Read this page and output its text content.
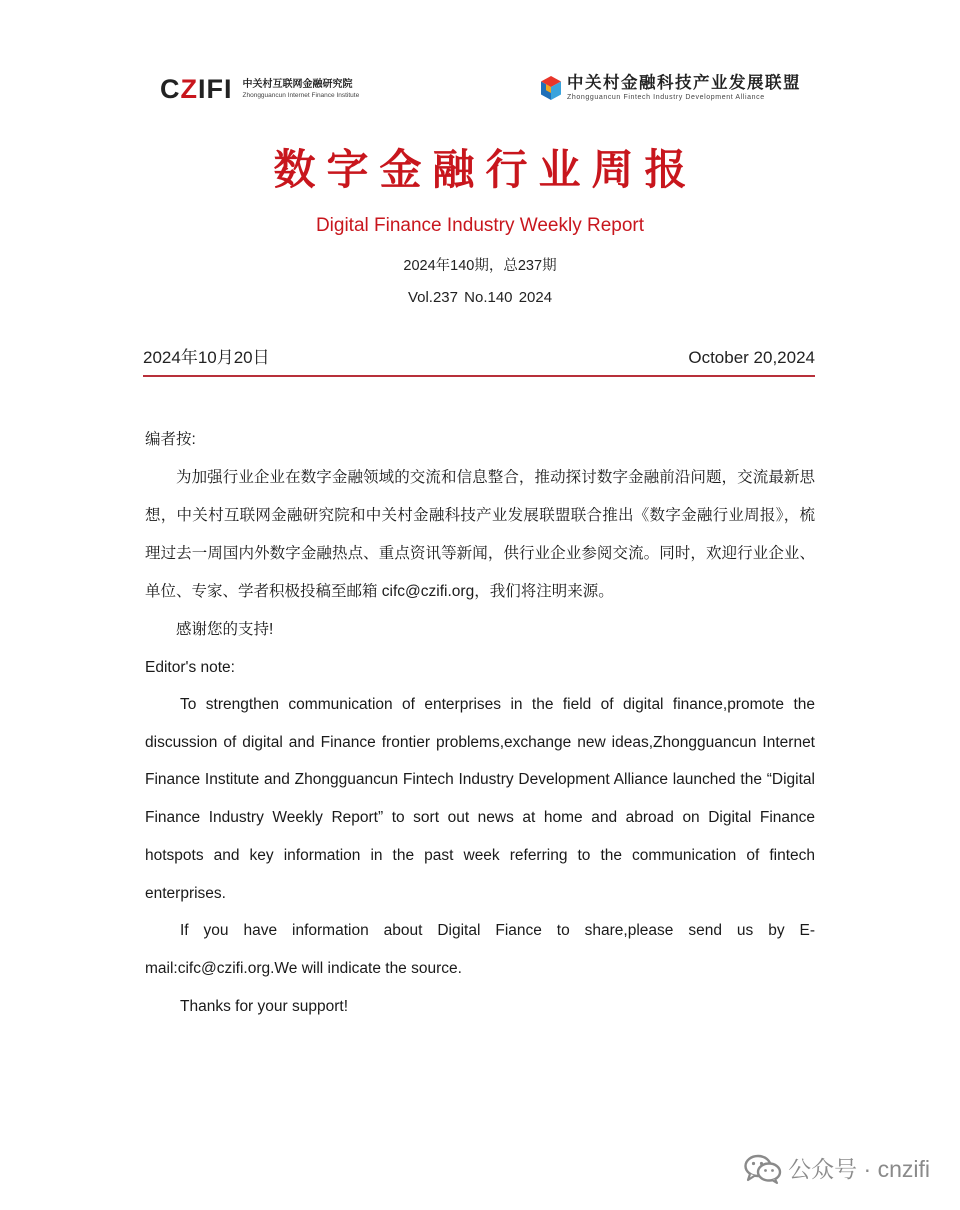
CZIFI 中关村互联网金融研究院
Zhongguancun Internet Finance Institute
中关村金融科技产业发展联盟
Zhongguancun Fintech Industry Development Alliance
数字金融行业周报
Digital Finance Industry Weekly Report
2024年140期，总237期
Vol.237 No.140 2024
2024年10月20日	October 20,2024
编者按:
为加强行业企业在数字金融领域的交流和信息整合，推动探讨数字金融前沿问题，交流最新思想，中关村互联网金融研究院和中关村金融科技产业发展联盟联合推出《数字金融行业周报》，梳理过去一周国内外数字金融热点、重点资讯等新闻，供行业企业参阅交流。同时，欢迎行业企业、单位、专家、学者积极投稿至邮箱 cifc@czifi.org，我们将注明来源。
感谢您的支持!
Editor's note:
To strengthen communication of enterprises in the field of digital finance,promote the discussion of digital and Finance frontier problems,exchange new ideas,Zhongguancun Internet Finance Institute and Zhongguancun Fintech Industry Development Alliance launched the “Digital Finance Industry Weekly Report” to sort out news at home and abroad on Digital Finance hotspots and key information in the past week referring to the communication of fintech enterprises.
If you have information about Digital Fiance to share,please send us by E-mail:cifc@czifi.org.We will indicate the source.
Thanks for your support!
公众号 · cnzifi
